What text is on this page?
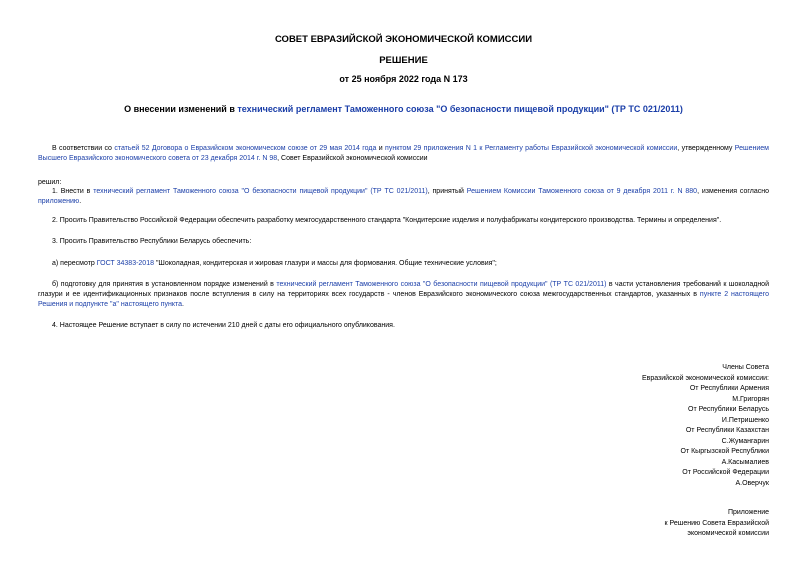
СОВЕТ ЕВРАЗИЙСКОЙ ЭКОНОМИЧЕСКОЙ КОМИССИИ
РЕШЕНИЕ
от 25 ноября 2022 года N 173
О внесении изменений в технический регламент Таможенного союза "О безопасности пищевой продукции" (ТР ТС 021/2011)
В соответствии со статьей 52 Договора о Евразийском экономическом союзе от 29 мая 2014 года и пунктом 29 приложения N 1 к Регламенту работы Евразийской экономической комиссии, утвержденному Решением Высшего Евразийского экономического совета от 23 декабря 2014 г. N 98, Совет Евразийской экономической комиссии
решил:
1. Внести в технический регламент Таможенного союза "О безопасности пищевой продукции" (ТР ТС 021/2011), принятый Решением Комиссии Таможенного союза от 9 декабря 2011 г. N 880, изменения согласно приложению.
2. Просить Правительство Российской Федерации обеспечить разработку межгосударственного стандарта "Кондитерские изделия и полуфабрикаты кондитерского производства. Термины и определения".
3. Просить Правительство Республики Беларусь обеспечить:
а) пересмотр ГОСТ 34383-2018 "Шоколадная, кондитерская и жировая глазури и массы для формования. Общие технические условия";
б) подготовку для принятия в установленном порядке изменений в технический регламент Таможенного союза "О безопасности пищевой продукции" (ТР ТС 021/2011) в части установления требований к шоколадной глазури и ее идентификационных признаков после вступления в силу на территориях всех государств - членов Евразийского экономического союза межгосударственных стандартов, указанных в пункте 2 настоящего Решения и подпункте "а" настоящего пункта.
4. Настоящее Решение вступает в силу по истечении 210 дней с даты его официального опубликования.
Члены Совета
Евразийской экономической комиссии:
От Республики Армения
М.Григорян
От Республики Беларусь
И.Петришенко
От Республики Казахстан
С.Жумангарин
От Кыргызской Республики
А.Касымалиев
От Российской Федерации
А.Оверчук
Приложение
к Решению Совета Евразийской
экономической комиссии
